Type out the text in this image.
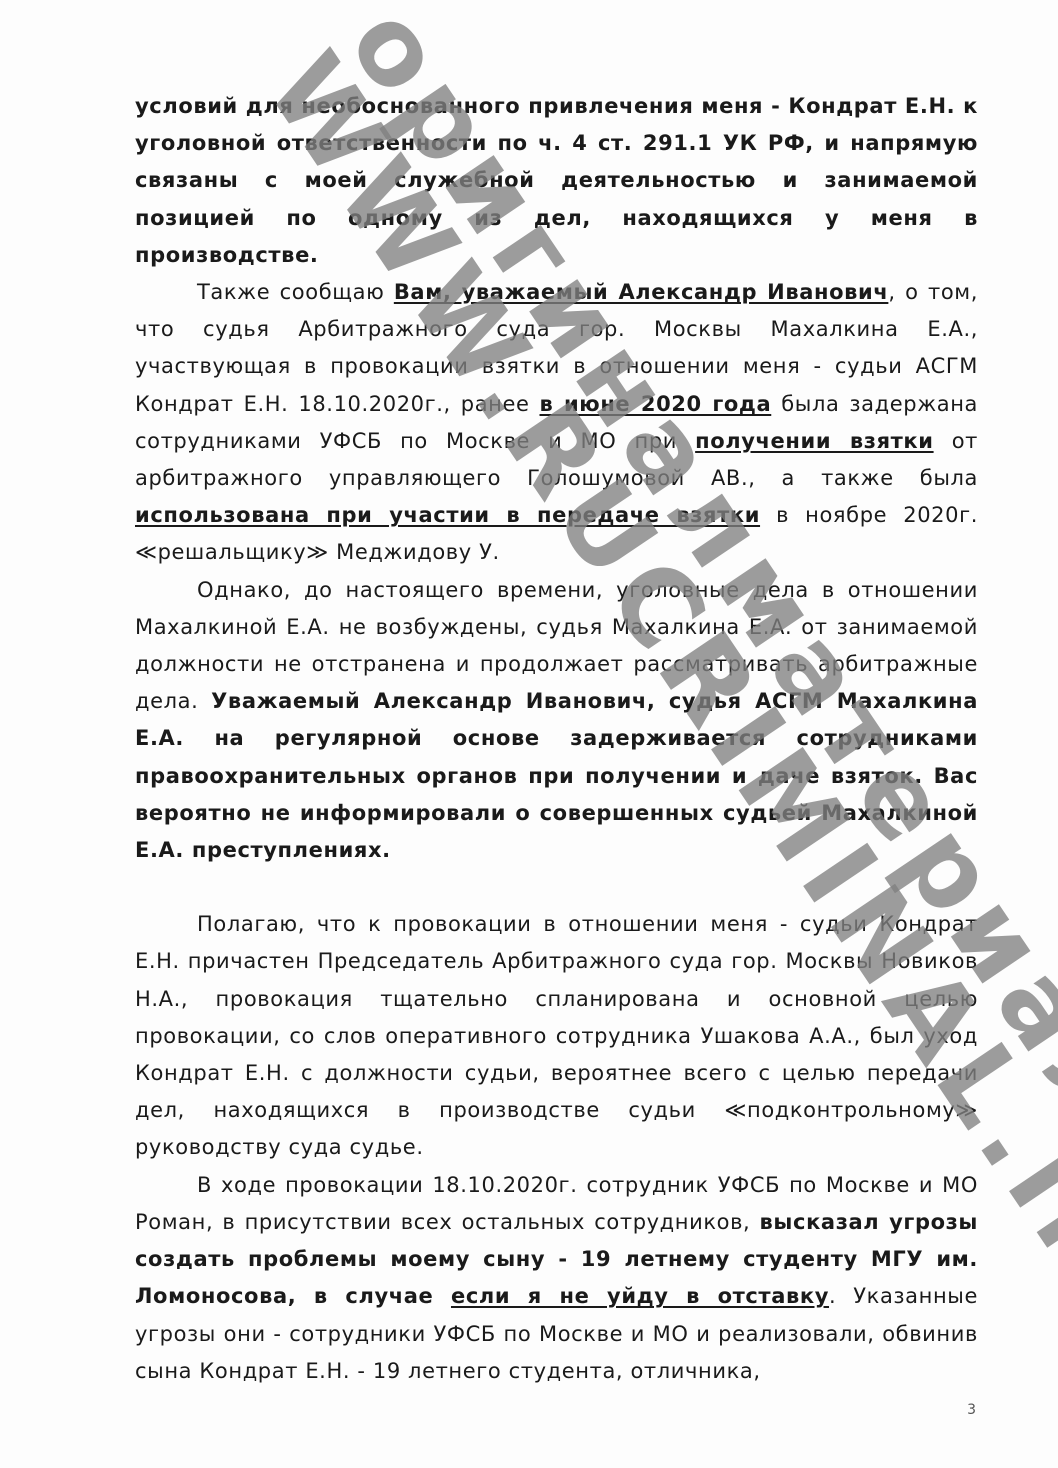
условий для необоснованного привлечения меня - Кондрат Е.Н. к уголовной ответственности по ч. 4 ст. 291.1 УК РФ, и напрямую связаны с моей служебной деятельностью и занимаемой позицией по одному из дел, находящихся у меня в производстве.

Также сообщаю Вам, уважаемый Александр Иванович, о том, что судья Арбитражного суда гор. Москвы Махалкина Е.А., участвующая в провокации взятки в отношении меня - судьи АСГМ Кондрат Е.Н. 18.10.2020г., ранее в июне 2020 года была задержана сотрудниками УФСБ по Москве и МО при получении взятки от арбитражного управляющего Голошумовой АВ., а также была использована при участии в передаче взятки в ноябре 2020г. ≪решальщику≫ Меджидову У.

Однако, до настоящего времени, уголовные дела в отношении Махалкиной Е.А. не возбуждены, судья Махалкина Е.А. от занимаемой должности не отстранена и продолжает рассматривать арбитражные дела. Уважаемый Александр Иванович, судья АСГМ Махалкина Е.А. на регулярной основе задерживается сотрудниками правоохранительных органов при получении и даче взяток. Вас вероятно не информировали о совершенных судьей Махалкиной Е.А. преступлениях.

Полагаю, что к провокации в отношении меня - судьи Кондрат Е.Н. причастен Председатель Арбитражного суда гор. Москвы Новиков Н.А., провокация тщательно спланирована и основной целью провокации, со слов оперативного сотрудника Ушакова А.А., был уход Кондрат Е.Н. с должности судьи, вероятнее всего с целью передачи дел, находящихся в производстве судьи ≪подконтрольному≫ руководству суда судье.

В ходе провокации 18.10.2020г. сотрудник УФСБ по Москве и МО Роман, в присутствии всех остальных сотрудников, высказал угрозы создать проблемы моему сыну - 19 летнему студенту МГУ им. Ломоносова, в случае если я не уйду в отставку. Указанные угрозы они - сотрудники УФСБ по Москве и МО и реализовали, обвинив сына Кондрат Е.Н. - 19 летнего студента, отличника,

3
